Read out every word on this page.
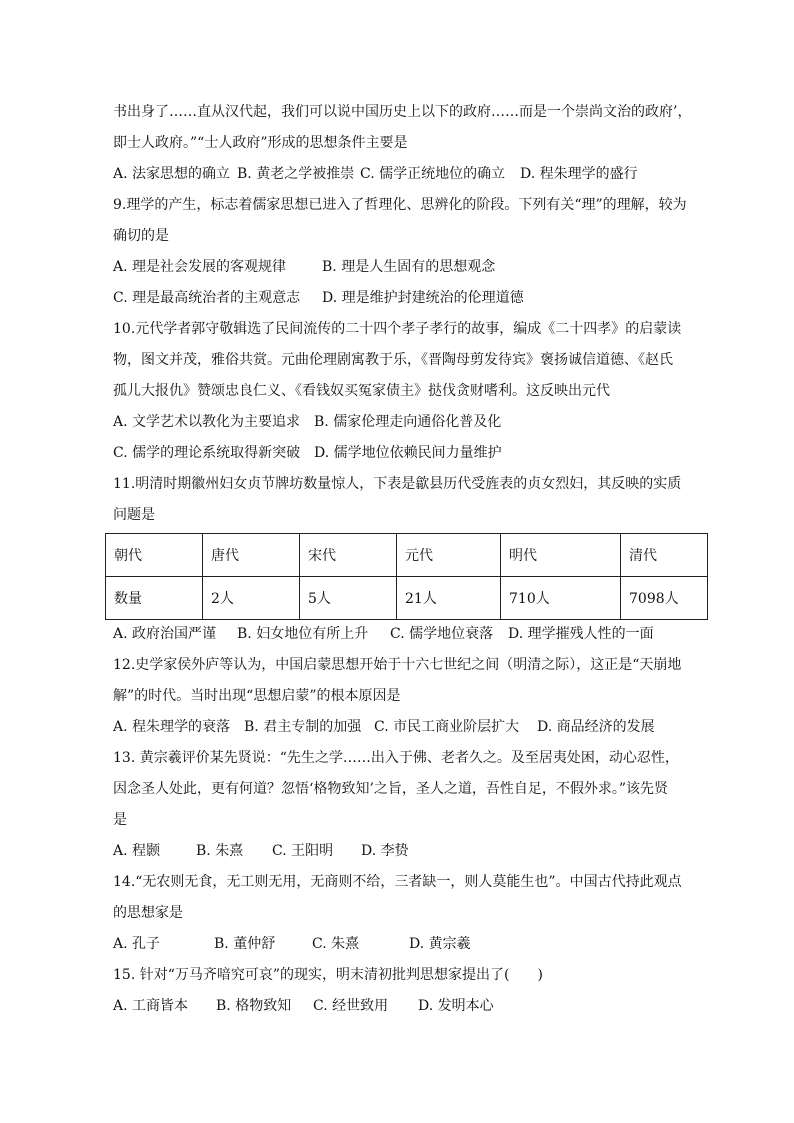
书出身了……直从汉代起，我们可以说中国历史上以下的政府……而是一个崇尚文治的政府’，
即士人政府。”“士人政府”形成的思想条件主要是
A. 法家思想的确立 B. 黄老之学被推崇 C. 儒学正统地位的确立 D. 程朱理学的盛行
9.理学的产生，标志着儒家思想已进入了哲理化、思辨化的阶段。下列有关“理”的理解，较为
确切的是
A. 理是社会发展的客观规律	B. 理是人生固有的思想观念
C. 理是最高统治者的主观意志 D. 理是维护封建统治的伦理道德
10.元代学者郭守敬辑选了民间流传的二十四个孝子孝行的故事，编成《二十四孝》的启蒙读
物，图文并茂，雅俗共赏。元曲伦理剧寓教于乐，《晋陶母剪发待宾》褒扬诚信道德、《赵氏
孤儿大报仇》赞颂忠良仁义、《看钱奴买冤家债主》挞伐贪财嗜利。这反映出元代
A. 文学艺术以教化为主要追求 B. 儒家伦理走向通俗化普及化
C. 儒学的理论系统取得新突破 D. 儒学地位依赖民间力量维护
11.明清时期徽州妇女贞节牌坊数量惊人，下表是歙县历代受旌表的贞女烈妇，其反映的实质
问题是
朝代	唐代	宋代	元代	明代	清代
数量	2人	5人	21人	710人	7098人
A. 政府治国严谨 B. 妇女地位有所上升 C. 儒学地位衰落 D. 理学摧残人性的一面
12.史学家侯外庐等认为，中国启蒙思想开始于十六七世纪之间（明清之际），这正是“天崩地
解”的时代。当时出现“思想启蒙”的根本原因是
A. 程朱理学的衰落 B. 君主专制的加强 C. 市民工商业阶层扩大 D. 商品经济的发展
13. 黄宗羲评价某先贤说：“先生之学……出入于佛、老者久之。及至居夷处困，动心忍性，
因念圣人处此，更有何道？忽悟‘格物致知’之旨，圣人之道，吾性自足，不假外求。”该先贤
是
A. 程颢	B. 朱熹 C. 王阳明 D. 李贽
14.“无农则无食，无工则无用，无商则不给，三者缺一，则人莫能生也”。中国古代持此观点
的思想家是
A. 孔子	B. 董仲舒	C. 朱熹	D. 黄宗羲
15. 针对“万马齐喑究可哀”的现实，明末清初批判思想家提出了(　　)
A. 工商皆本 B. 格物致知 C. 经世致用 D. 发明本心
